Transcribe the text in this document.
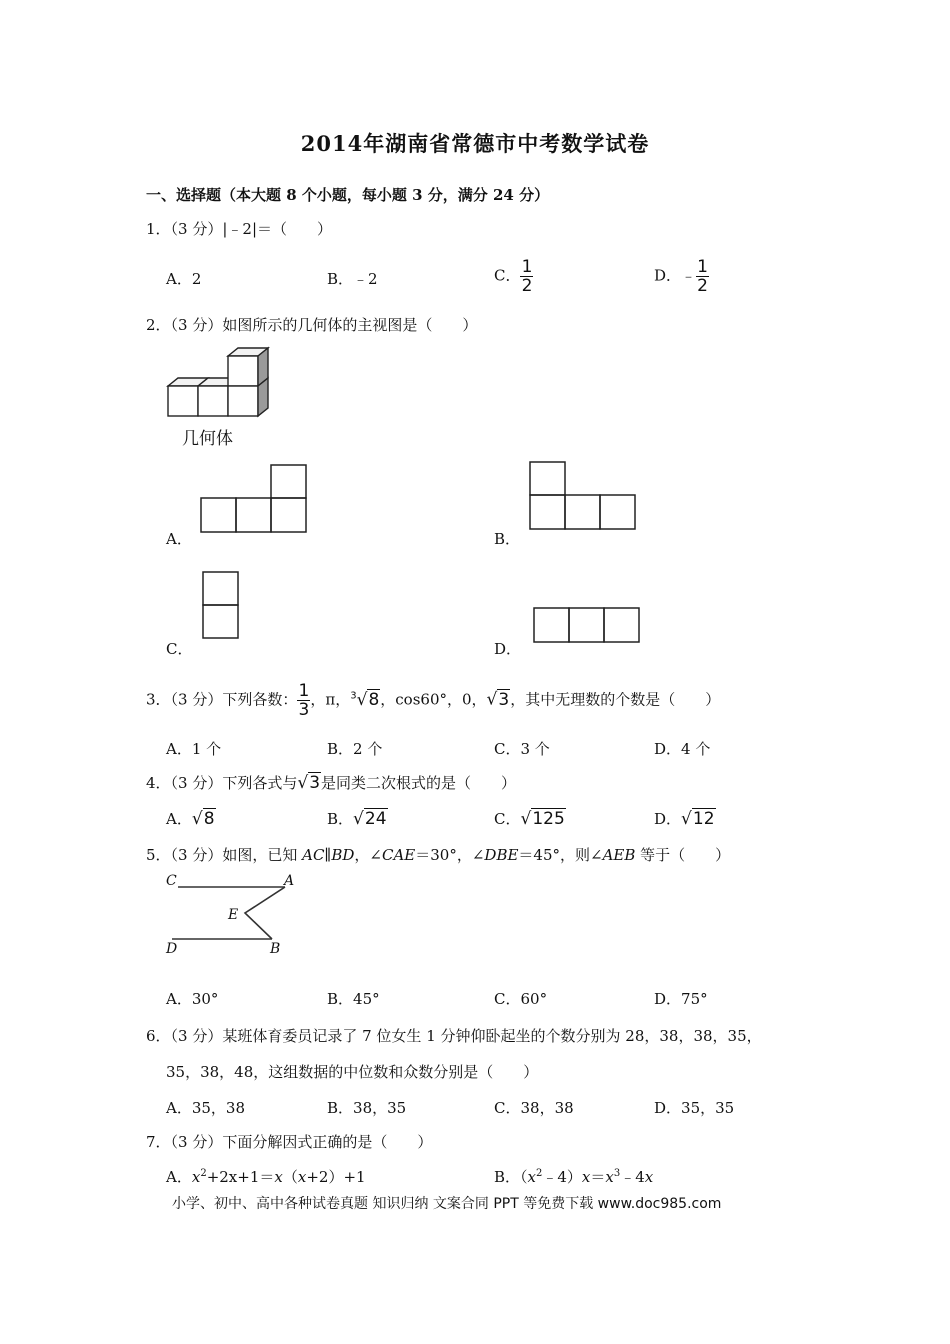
2014年湖南省常德市中考数学试卷
一、选择题（本大题 8 个小题，每小题 3 分，满分 24 分）
1．（3 分）|﹣2|＝（　　）
A．2	B．﹣2	C． $\frac{1}{2}$	D．﹣ $\frac{1}{2}$
2．（3 分）如图所示的几何体的主视图是（　　）
几何体
A．	B．
C．	D．
3．（3 分）下列各数： $\frac{1}{3}$ ，π，$^3$√8，cos60°，0，√3，其中无理数的个数是（　　）
A．1 个	B．2 个	C．3 个	D．4 个
4．（3 分）下列各式与√3是同类二次根式的是（　　）
A．√8	B．√24	C．√125	D．√12
5．（3 分）如图，已知 AC∥BD，∠CAE＝30°，∠DBE＝45°，则∠AEB 等于（　　）
C	A
E
D	B
A．30°	B．45°	C．60°	D．75°
6．（3 分）某班体育委员记录了 7 位女生 1 分钟仰卧起坐的个数分别为 28，38，38，35，
35，38，48，这组数据的中位数和众数分别是（　　）
A．35，38	B．38，35	C．38，38	D．35，35
7．（3 分）下面分解因式正确的是（　　）
A．$x^2+2x+1=x(x+2)+1$	B．$(x^2﹣4)x=x^3﹣4x$
小学、初中、高中各种试卷真题 知识归纳 文案合同 PPT 等免费下载 www.doc985.com
